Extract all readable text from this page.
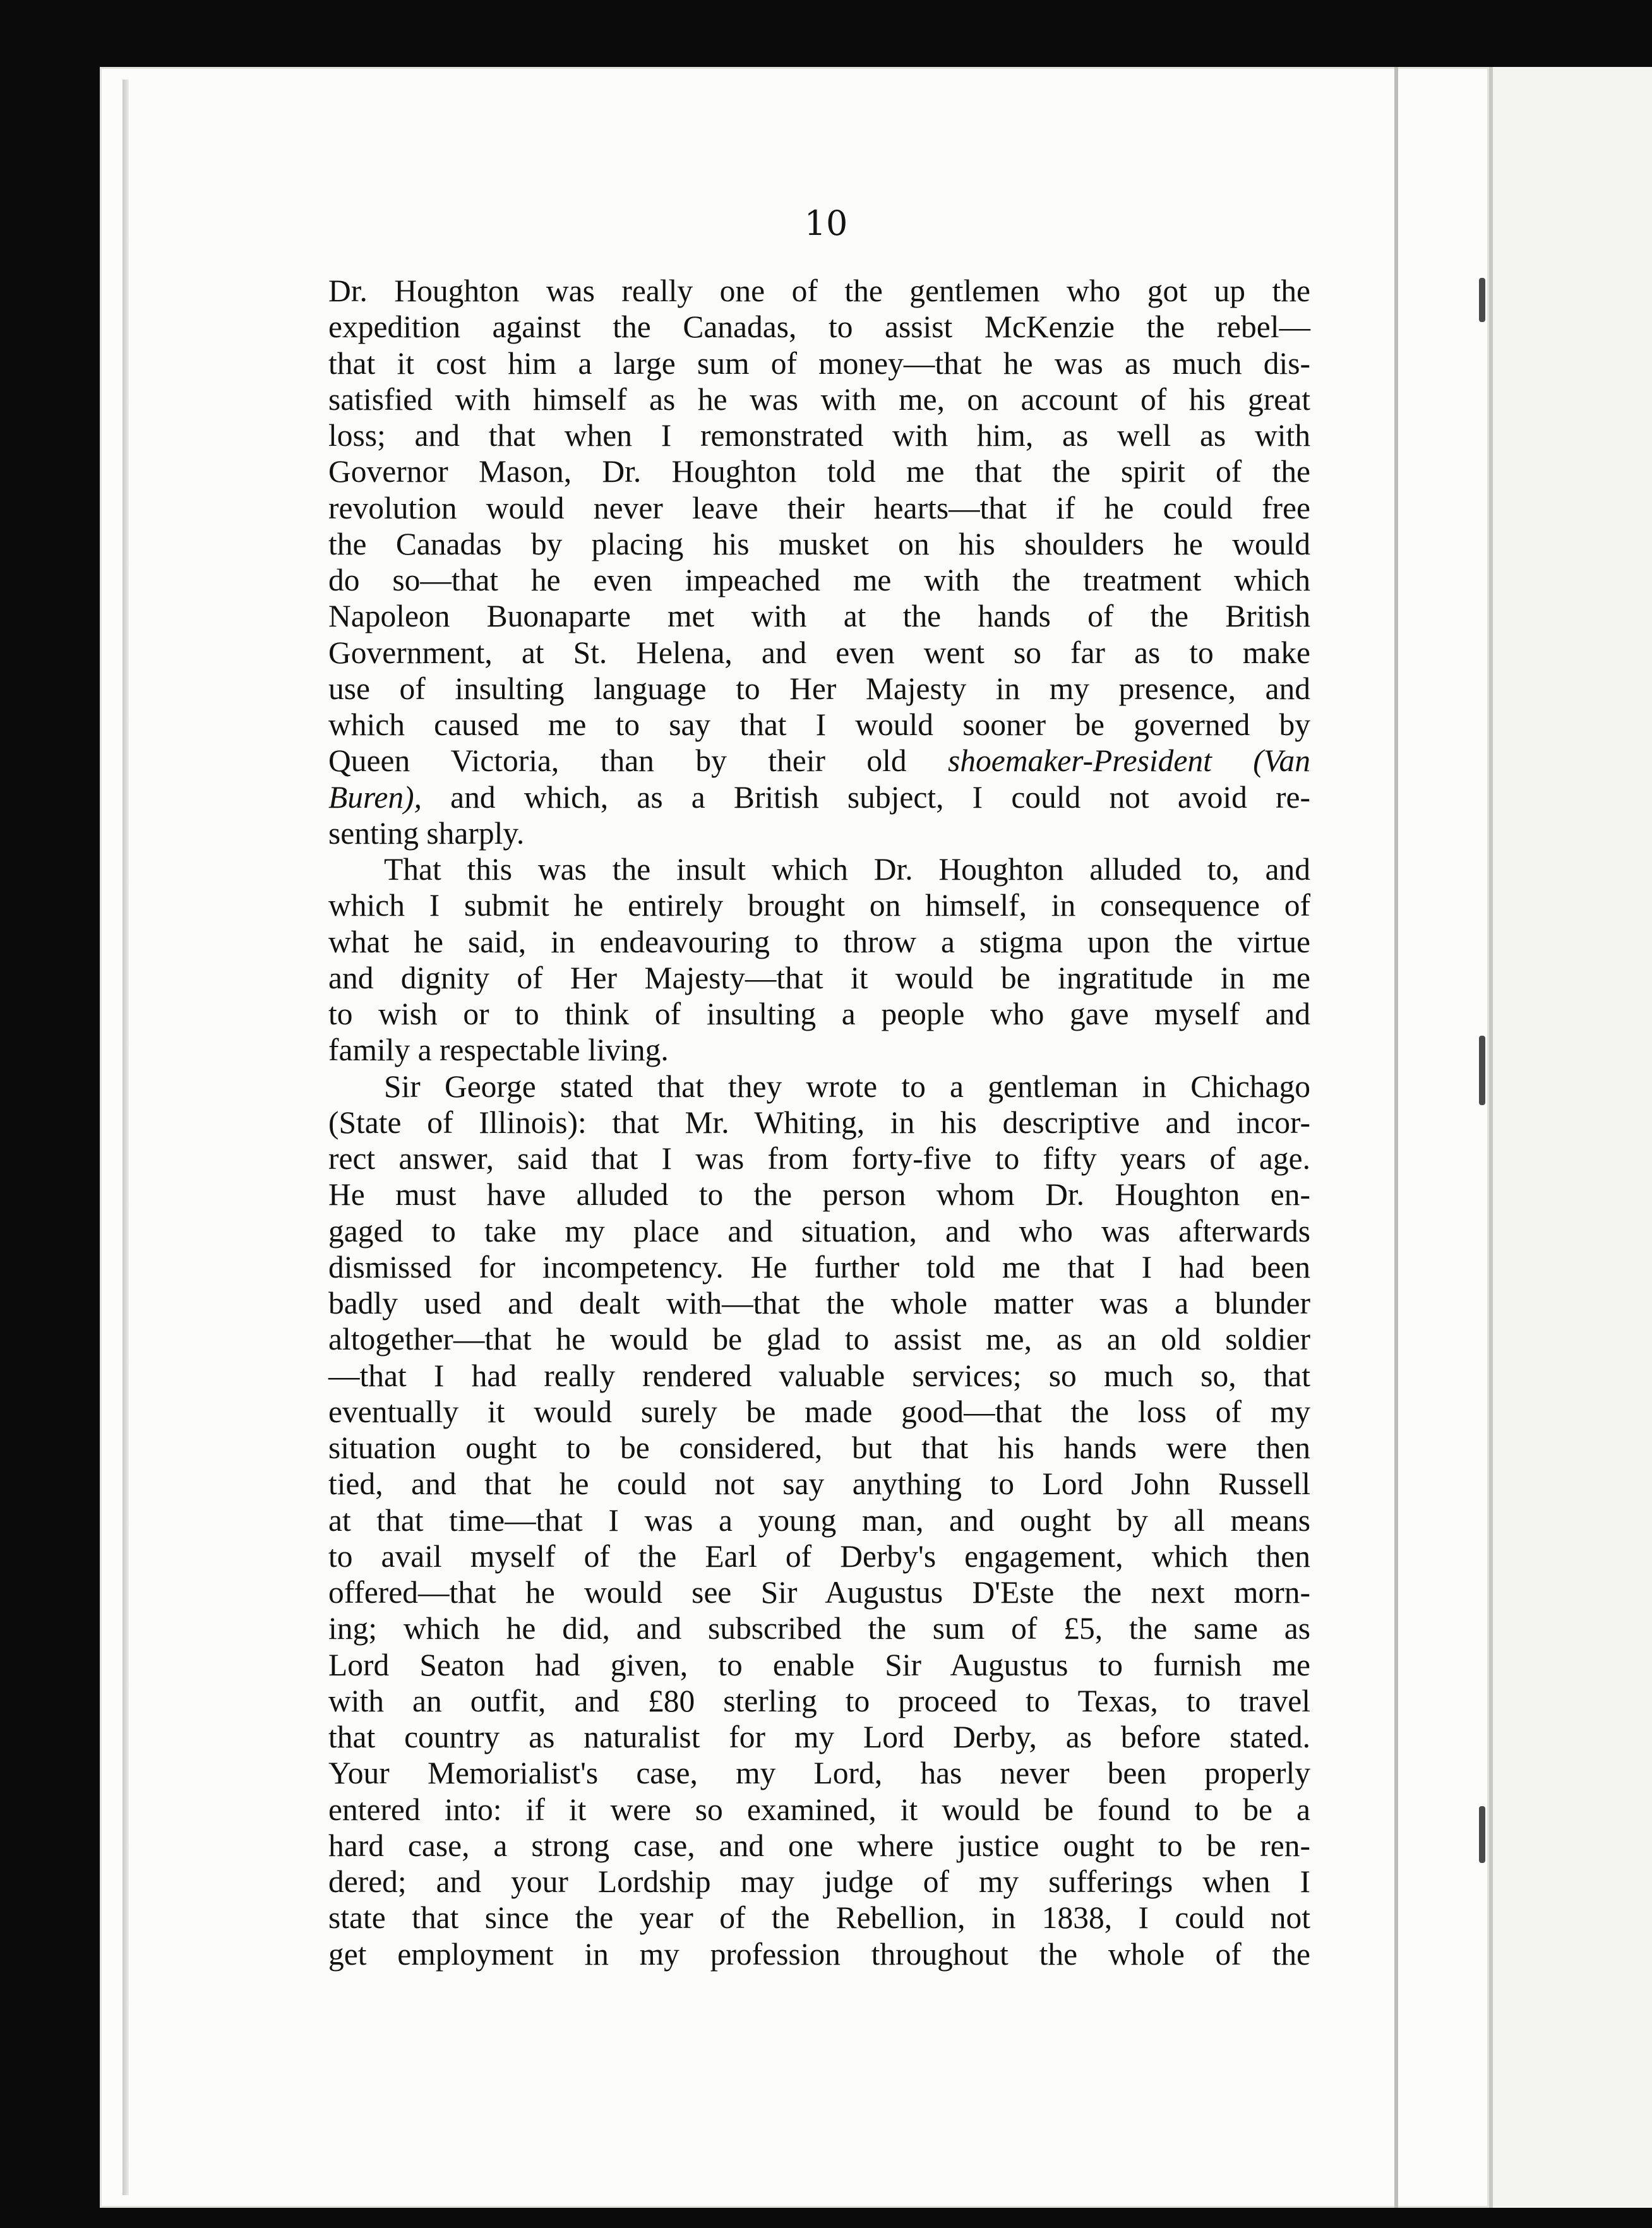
10
Dr. Houghton was really one of the gentlemen who got up the
expedition against the Canadas, to assist McKenzie the rebel—
that it cost him a large sum of money—that he was as much dis-
satisfied with himself as he was with me, on account of his great
loss; and that when I remonstrated with him, as well as with
Governor Mason, Dr. Houghton told me that the spirit of the
revolution would never leave their hearts—that if he could free
the Canadas by placing his musket on his shoulders he would
do so—that he even impeached me with the treatment which
Napoleon Buonaparte met with at the hands of the British
Government, at St. Helena, and even went so far as to make
use of insulting language to Her Majesty in my presence, and
which caused me to say that I would sooner be governed by
Queen Victoria, than by their old shoemaker-President (Van
Buren), and which, as a British subject, I could not avoid re-
senting sharply.
That this was the insult which Dr. Houghton alluded to, and
which I submit he entirely brought on himself, in consequence of
what he said, in endeavouring to throw a stigma upon the virtue
and dignity of Her Majesty—that it would be ingratitude in me
to wish or to think of insulting a people who gave myself and
family a respectable living.
Sir George stated that they wrote to a gentleman in Chichago
(State of Illinois): that Mr. Whiting, in his descriptive and incor-
rect answer, said that I was from forty-five to fifty years of age.
He must have alluded to the person whom Dr. Houghton en-
gaged to take my place and situation, and who was afterwards
dismissed for incompetency. He further told me that I had been
badly used and dealt with—that the whole matter was a blunder
altogether—that he would be glad to assist me, as an old soldier
—that I had really rendered valuable services; so much so, that
eventually it would surely be made good—that the loss of my
situation ought to be considered, but that his hands were then
tied, and that he could not say anything to Lord John Russell
at that time—that I was a young man, and ought by all means
to avail myself of the Earl of Derby's engagement, which then
offered—that he would see Sir Augustus D'Este the next morn-
ing; which he did, and subscribed the sum of £5, the same as
Lord Seaton had given, to enable Sir Augustus to furnish me
with an outfit, and £80 sterling to proceed to Texas, to travel
that country as naturalist for my Lord Derby, as before stated.
Your Memorialist's case, my Lord, has never been properly
entered into: if it were so examined, it would be found to be a
hard case, a strong case, and one where justice ought to be ren-
dered; and your Lordship may judge of my sufferings when I
state that since the year of the Rebellion, in 1838, I could not
get employment in my profession throughout the whole of the
